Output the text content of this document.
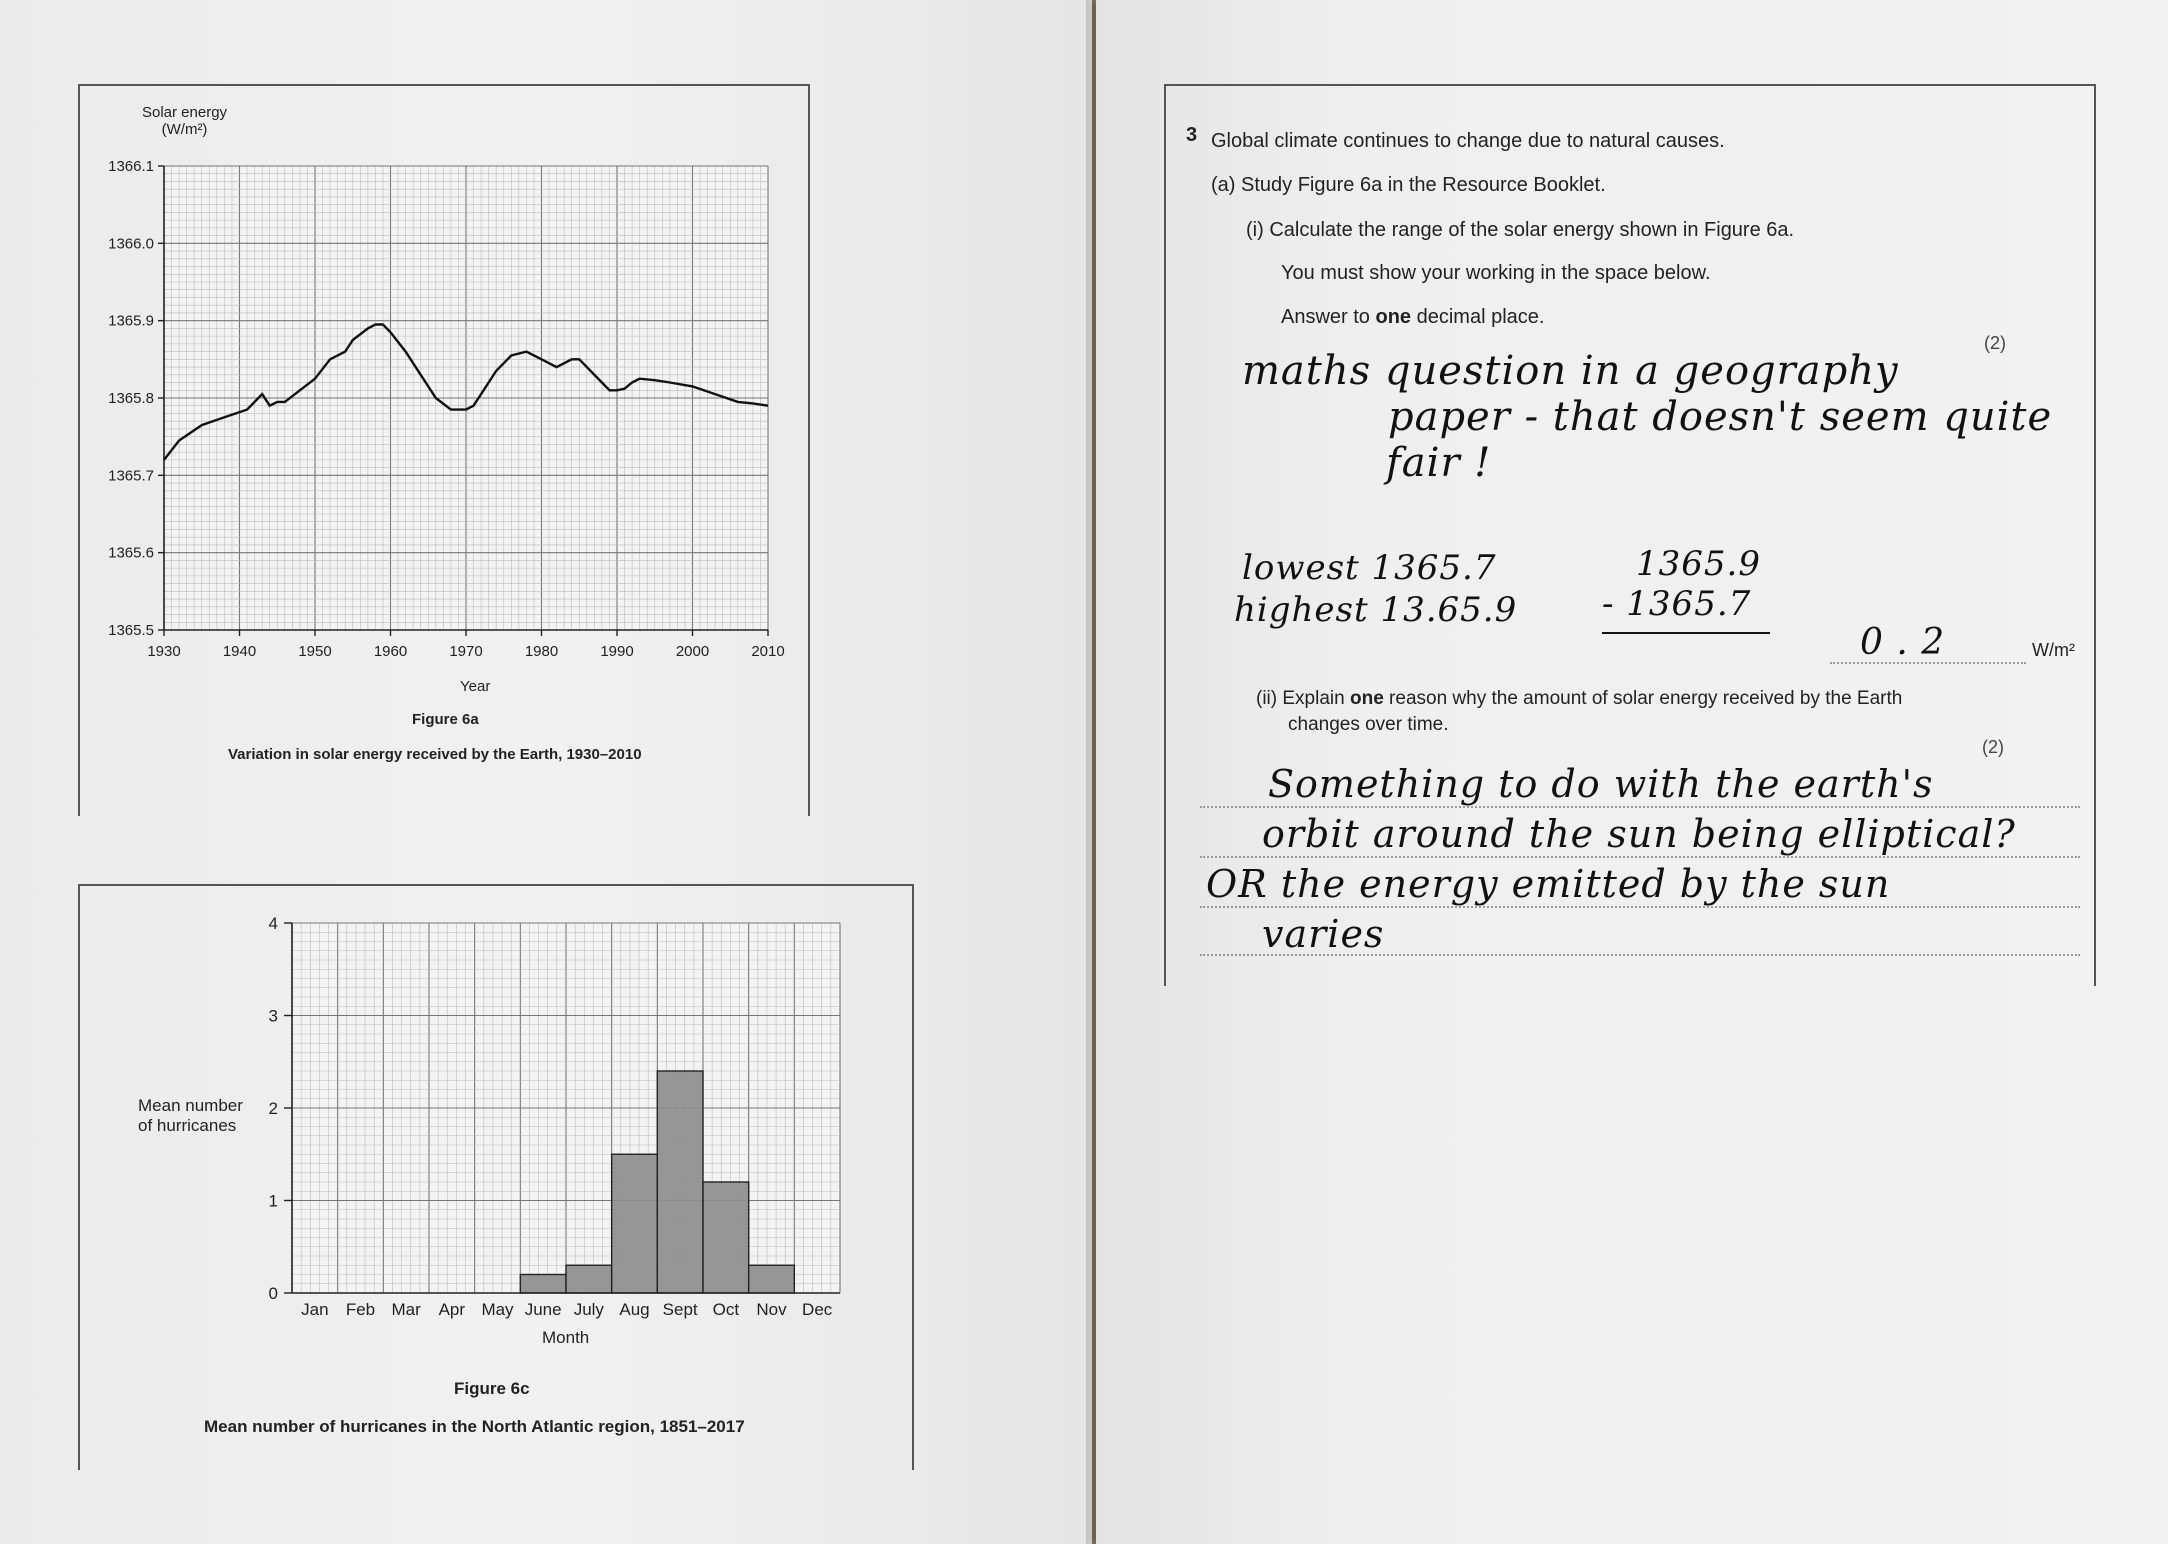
Solar energy
(W/m²)
1365.5
1365.6
1365.7
1365.8
1365.9
1366.0
1366.1
1930	1940	1950	1960	1970	1980	1990	2000	2010
Year
Figure 6a
Variation in solar energy received by the Earth, 1930–2010
Mean number
of hurricanes
0
1
2
3
4
Jan Feb Mar Apr May June July Aug Sept Oct Nov Dec
Month
Figure 6c
Mean number of hurricanes in the North Atlantic region, 1851–2017
3 Global climate continues to change due to natural causes.
(a) Study Figure 6a in the Resource Booklet.
(i) Calculate the range of the solar energy shown in Figure 6a.
You must show your working in the space below.
Answer to one decimal place.
(2)
maths question in a geography
paper - that doesn't seem quite
fair !
lowest 1365.7
highest 13.65.9
1365.9
- 1365.7
0 . 2	W/m²
(ii) Explain one reason why the amount of solar energy received by the Earth
changes over time.
(2)
Something to do with the earth's
orbit around the sun being elliptical?
OR the energy emitted by the sun
varies
